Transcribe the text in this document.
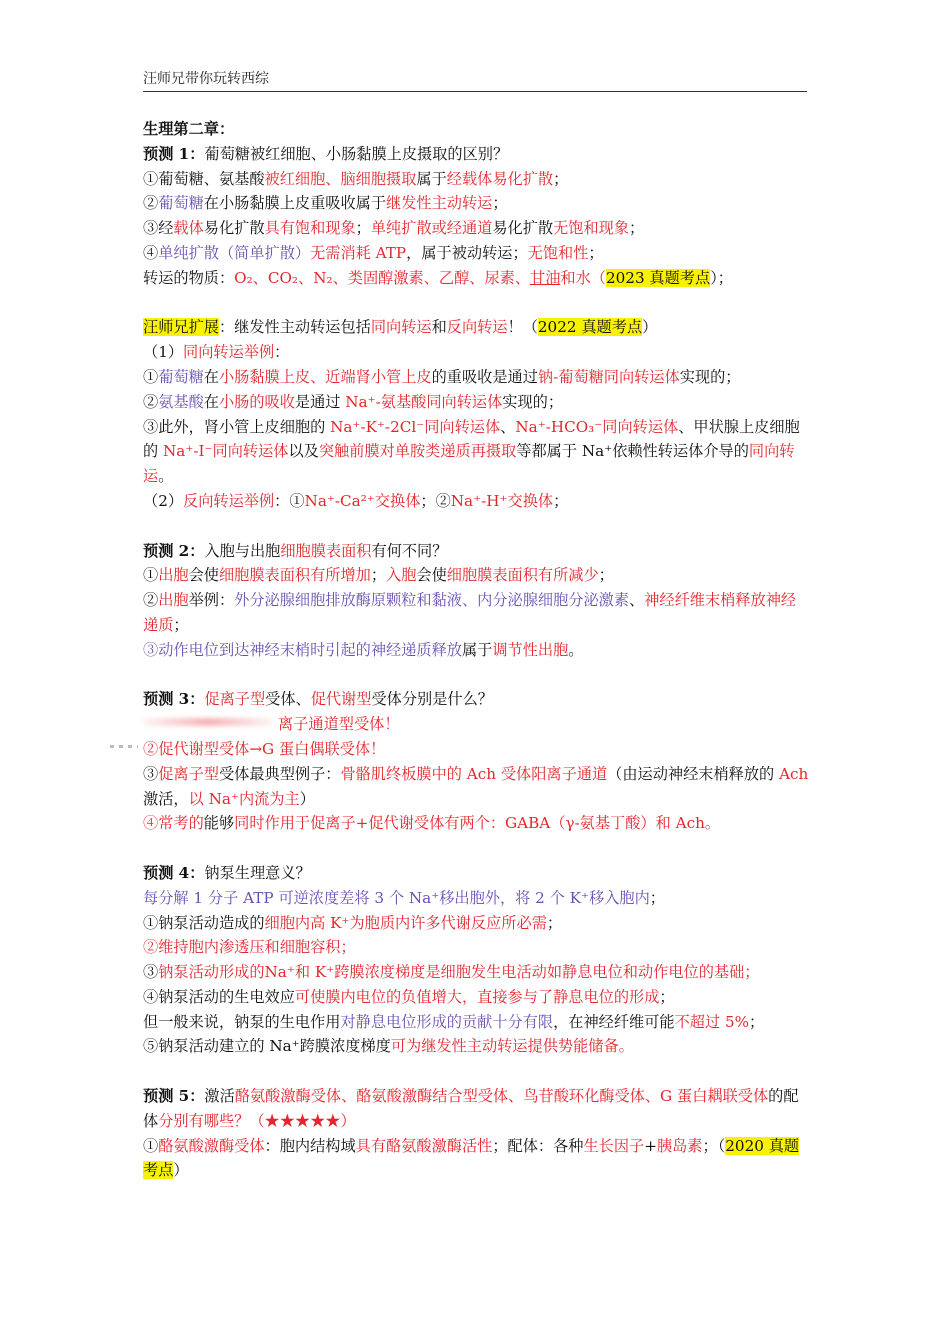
汪师兄带你玩转西综
生理第二章：
预测 1：葡萄糖被红细胞、小肠黏膜上皮摄取的区别？
①葡萄糖、氨基酸被红细胞、脑细胞摄取属于经载体易化扩散；
②葡萄糖在小肠黏膜上皮重吸收属于继发性主动转运；
③经载体易化扩散具有饱和现象；单纯扩散或经通道易化扩散无饱和现象；
④单纯扩散（简单扩散）无需消耗 ATP，属于被动转运；无饱和性；
转运的物质：O₂、CO₂、N₂、类固醇激素、乙醇、尿素、甘油和水（2023 真题考点）；
汪师兄扩展：继发性主动转运包括同向转运和反向转运！（2022 真题考点）
（1）同向转运举例：
①葡萄糖在小肠黏膜上皮、近端肾小管上皮的重吸收是通过钠-葡萄糖同向转运体实现的；
②氨基酸在小肠的吸收是通过 Na⁺-氨基酸同向转运体实现的；
③此外，肾小管上皮细胞的 Na⁺-K⁺-2Cl⁻同向转运体、Na⁺-HCO₃⁻同向转运体、甲状腺上皮细胞的 Na⁺-I⁻同向转运体以及突触前膜对单胺类递质再摄取等都属于 Na⁺依赖性转运体介导的同向转运。
（2）反向转运举例：①Na⁺-Ca²⁺交换体；②Na⁺-H⁺交换体；
预测 2：入胞与出胞细胞膜表面积有何不同？
①出胞会使细胞膜表面积有所增加；入胞会使细胞膜表面积有所减少；
②出胞举例：外分泌腺细胞排放酶原颗粒和黏液、内分泌腺细胞分泌激素、神经纤维末梢释放神经递质；
③动作电位到达神经末梢时引起的神经递质释放属于调节性出胞。
预测 3：促离子型受体、促代谢型受体分别是什么？
离子通道型受体！
②促代谢型受体→G 蛋白偶联受体！
③促离子型受体最典型例子：骨骼肌终板膜中的 Ach 受体阳离子通道（由运动神经末梢释放的 Ach 激活，以 Na⁺内流为主）
④常考的能够同时作用于促离子+促代谢受体有两个：GABA（γ-氨基丁酸）和 Ach。
预测 4：钠泵生理意义？
每分解 1 分子 ATP 可逆浓度差将 3 个 Na⁺移出胞外，将 2 个 K⁺移入胞内；
①钠泵活动造成的细胞内高 K⁺为胞质内许多代谢反应所必需；
②维持胞内渗透压和细胞容积；
③钠泵活动形成的Na⁺和 K⁺跨膜浓度梯度是细胞发生电活动如静息电位和动作电位的基础；
④钠泵活动的生电效应可使膜内电位的负值增大，直接参与了静息电位的形成；
但一般来说，钠泵的生电作用对静息电位形成的贡献十分有限，在神经纤维可能不超过 5%；
⑤钠泵活动建立的 Na⁺跨膜浓度梯度可为继发性主动转运提供势能储备。
预测 5：激活酪氨酸激酶受体、酪氨酸激酶结合型受体、鸟苷酸环化酶受体、G 蛋白耦联受体的配体分别有哪些？（★★★★★）
①酪氨酸激酶受体：胞内结构域具有酪氨酸激酶活性；配体：各种生长因子+胰岛素；（2020 真题考点）
